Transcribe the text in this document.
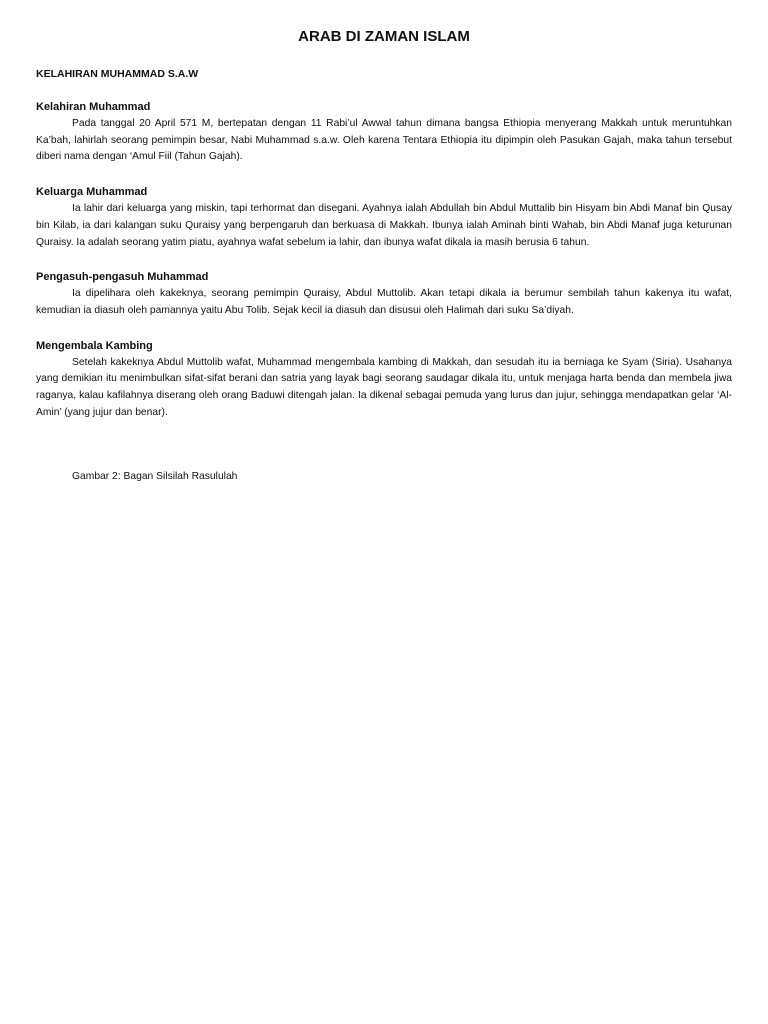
ARAB DI ZAMAN ISLAM
KELAHIRAN MUHAMMAD S.A.W
Kelahiran Muhammad

Pada tanggal 20 April 571 M, bertepatan dengan 11 Rabi’ul Awwal tahun dimana bangsa Ethiopia menyerang Makkah untuk meruntuhkan Ka’bah, lahirlah seorang pemimpin besar, Nabi Muhammad s.a.w. Oleh karena Tentara Ethiopia itu dipimpin oleh Pasukan Gajah, maka tahun tersebut diberi nama dengan ‘Amul Fiil (Tahun Gajah).

Keluarga Muhammad

Ia lahir dari keluarga yang miskin, tapi terhormat dan disegani. Ayahnya ialah Abdullah bin Abdul Muttalib bin Hisyam bin Abdi Manaf bin Qusay bin Kilab, ia dari kalangan suku Quraisy yang berpengaruh dan berkuasa di Makkah. Ibunya ialah Aminah binti Wahab, bin Abdi Manaf juga keturunan Quraisy. Ia adalah seorang yatim piatu, ayahnya wafat sebelum ia lahir, dan ibunya wafat dikala ia masih berusia 6 tahun.

Pengasuh-pengasuh Muhammad

Ia dipelihara oleh kakeknya, seorang pemimpin Quraisy, Abdul Muttolib. Akan tetapi dikala ia berumur sembilah tahun kakenya itu wafat, kemudian ia diasuh oleh pamannya yaitu Abu Tolib. Sejak kecil ia diasuh dan disusui oleh Halimah dari suku Sa’diyah.

Mengembala Kambing

Setelah kakeknya Abdul Muttolib wafat, Muhammad mengembala kambing di Makkah, dan sesudah itu ia berniaga ke Syam (Siria). Usahanya yang demikian itu menimbulkan sifat-sifat berani dan satria yang layak bagi seorang saudagar dikala itu, untuk menjaga harta benda dan membela jiwa raganya, kalau kafilahnya diserang oleh orang Baduwi ditengah jalan. Ia dikenal sebagai pemuda yang lurus dan jujur, sehingga mendapatkan gelar ‘Al-Amin’ (yang jujur dan benar).

Gambar 2: Bagan Silsilah Rasululah
